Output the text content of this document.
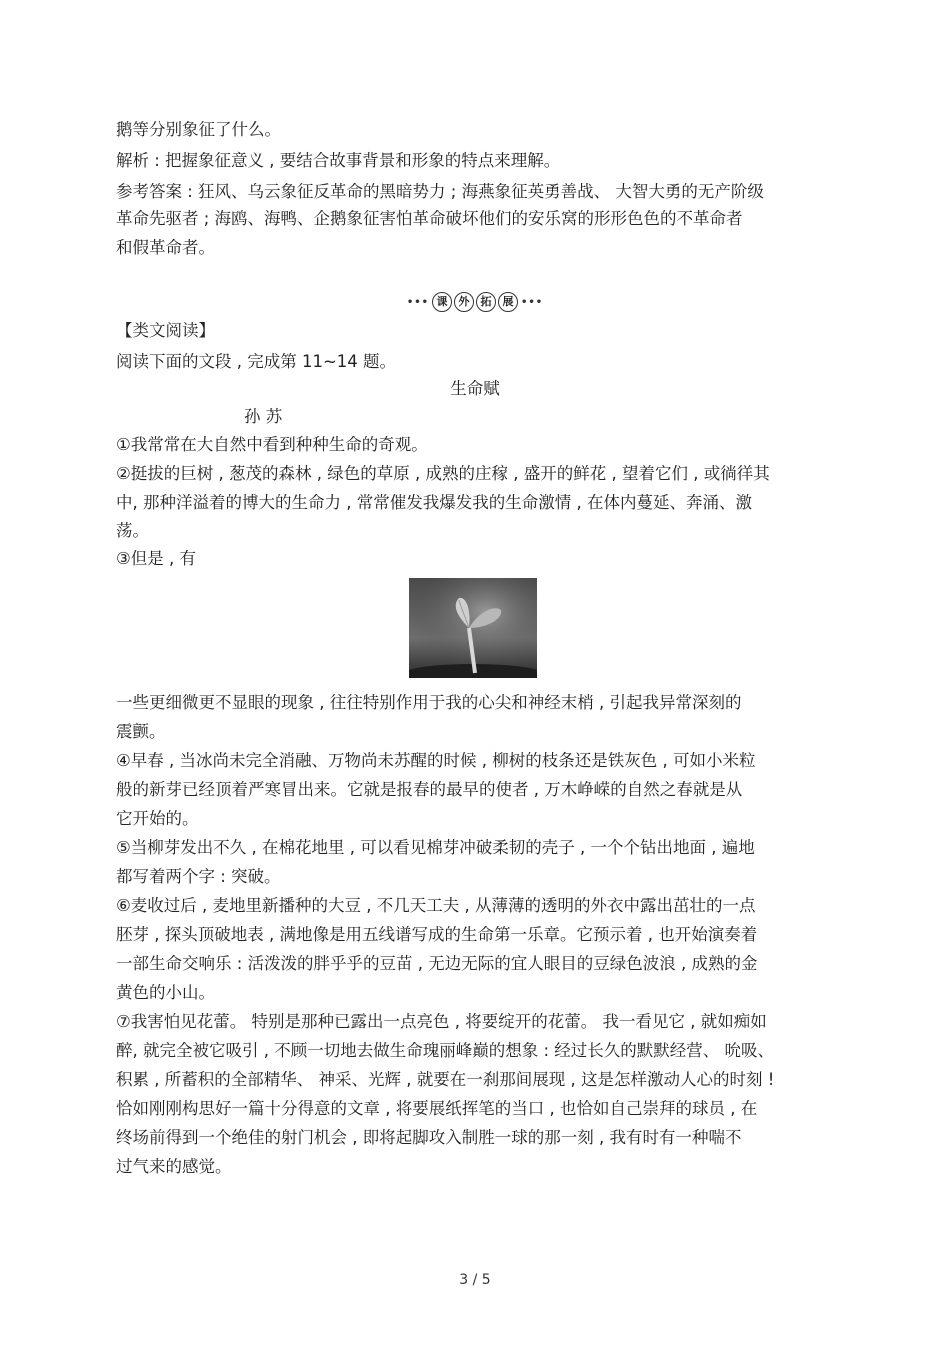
鹅等分别象征了什么。
解析 : 把握象征意义 , 要结合故事背景和形象的特点来理解。
参考答案 : 狂风、乌云象征反革命的黑暗势力 ; 海燕象征英勇善战、 大智大勇的无产阶级
革命先驱者 ; 海鸥、海鸭、企鹅象征害怕革命破坏他们的安乐窝的形形色色的不革命者
和假革命者。
••• 课	外	拓	展 •••
【类文阅读】
阅读下面的文段 , 完成第 11~14 题。
生命赋
孙 苏
①我常常在大自然中看到种种生命的奇观。
②挺拔的巨树 , 葱茂的森林 , 绿色的草原 , 成熟的庄稼 , 盛开的鲜花 , 望着它们 , 或徜徉其
中, 那种洋溢着的博大的生命力 , 常常催发我爆发我的生命激情 , 在体内蔓延、奔涌、激
荡。
③但是 , 有
一些更细微更不显眼的现象 , 往往特别作用于我的心尖和神经末梢 , 引起我异常深刻的
震颤。
④早春 , 当冰尚未完全消融、万物尚未苏醒的时候 , 柳树的枝条还是铁灰色 , 可如小米粒
般的新芽已经顶着严寒冒出来。它就是报春的最早的使者 , 万木峥嵘的自然之春就是从
它开始的。
⑤当柳芽发出不久 , 在棉花地里 , 可以看见棉芽冲破柔韧的壳子 , 一个个钻出地面 , 遍地
都写着两个字 : 突破。
⑥麦收过后 , 麦地里新播种的大豆 , 不几天工夫 , 从薄薄的透明的外衣中露出茁壮的一点
胚芽 , 探头顶破地表 , 满地像是用五线谱写成的生命第一乐章。它预示着 , 也开始演奏着
一部生命交响乐 : 活泼泼的胖乎乎的豆苗 , 无边无际的宜人眼目的豆绿色波浪 , 成熟的金
黄色的小山。
⑦我害怕见花蕾。 特别是那种已露出一点亮色 , 将要绽开的花蕾。 我一看见它 , 就如痴如
醉, 就完全被它吸引 , 不顾一切地去做生命瑰丽峰巅的想象 : 经过长久的默默经营、 吮吸、
积累 , 所蓄积的全部精华、 神采、光辉 , 就要在一刹那间展现 , 这是怎样激动人心的时刻 !
恰如刚刚构思好一篇十分得意的文章 , 将要展纸挥笔的当口 , 也恰如自己崇拜的球员 , 在
终场前得到一个绝佳的射门机会 , 即将起脚攻入制胜一球的那一刻 , 我有时有一种喘不
过气来的感觉。
3 / 5
